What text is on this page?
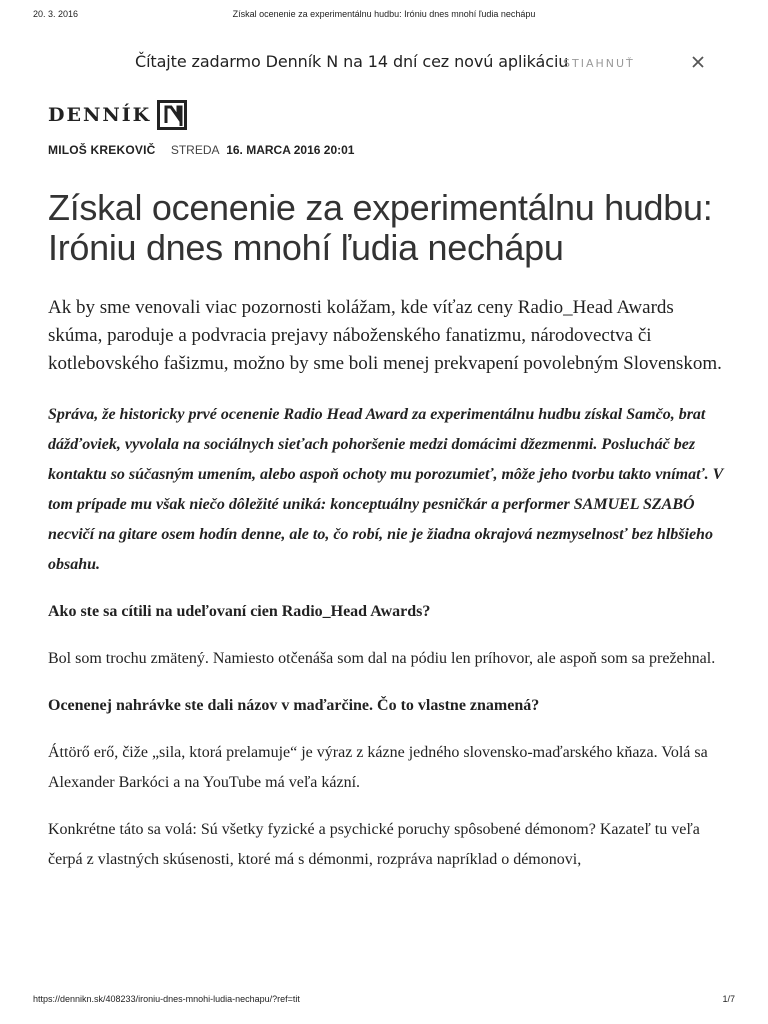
20. 3. 2016	Získal ocenenie za experimentálnu hudbu: Iróniu dnes mnohí ľudia nechápu
Čítajte zadarmo Denník N na 14 dní cez novú aplikáciu
STIAHNUŤ
DENNÍK
MILOŠ KREKOVIČ STREDA 16. MARCA 2016 20:01
Získal ocenenie za experimentálnu hudbu: Iróniu dnes mnohí ľudia nechápu

Ak by sme venovali viac pozornosti kolážam, kde víťaz ceny Radio_Head Awards skúma, paroduje a podvracia prejavy náboženského fanatizmu, národovectva či kotlebovského fašizmu, možno by sme boli menej prekvapení povolebným Slovenskom.

Správa, že historicky prvé ocenenie Radio Head Award za experimentálnu hudbu získal Samčo, brat dážďoviek, vyvolala na sociálnych sieťach pohoršenie medzi domácimi džezmenmi. Poslucháč bez kontaktu so súčasným umením, alebo aspoň ochoty mu porozumieť, môže jeho tvorbu takto vnímať. V tom prípade mu však niečo dôležité uniká: konceptuálny pesničkár a performer SAMUEL SZABÓ necvičí na gitare osem hodín denne, ale to, čo robí, nie je žiadna okrajová nezmyselnosť bez hlbšieho obsahu.

Ako ste sa cítili na udeľovaní cien Radio_Head Awards?

Bol som trochu zmätený. Namiesto otčenáša som dal na pódiu len príhovor, ale aspoň som sa prežehnal.

Ocenenej nahrávke ste dali názov v maďarčine. Čo to vlastne znamená?

Áttörő erő, čiže „sila, ktorá prelamuje“ je výraz z kázne jedného slovensko-maďarského kňaza. Volá sa Alexander Barkóci a na YouTube má veľa kázní.

Konkrétne táto sa volá: Sú všetky fyzické a psychické poruchy spôsobené démonom? Kazateľ tu veľa čerpá z vlastných skúsenosti, ktoré má s démonmi, rozpráva napríklad o démonovi,

https://dennikn.sk/408233/ironiu-dnes-mnohi-ludia-nechapu/?ref=tit	1/7
